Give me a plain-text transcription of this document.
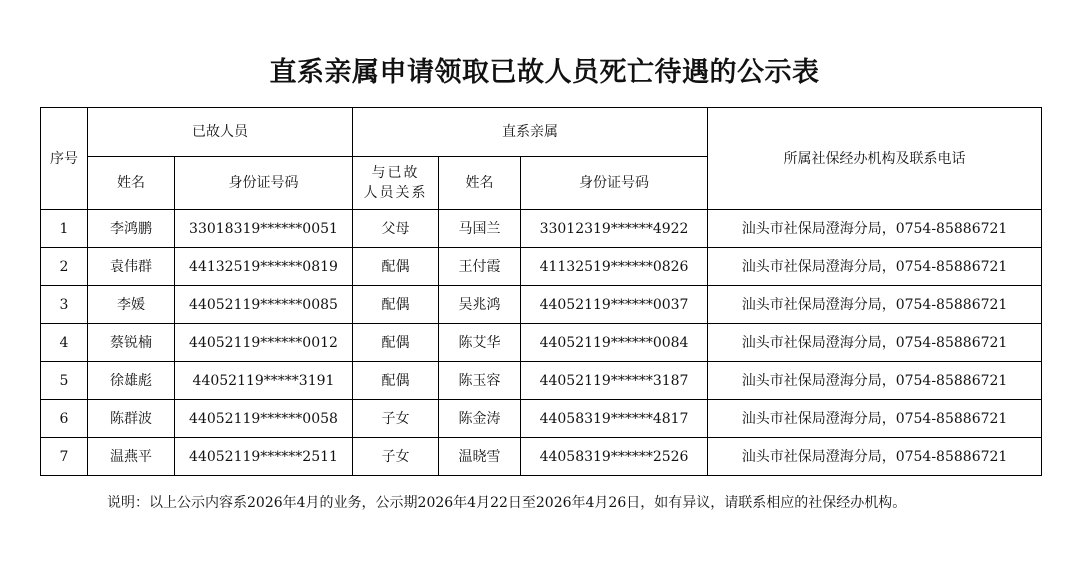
直系亲属申请领取已故人员死亡待遇的公示表
序号	已故人员		直系亲属			所属社保经办机构及联系电话
	姓名	身份证号码	与已故
人员关系	姓名	身份证号码	
1	李鸿鹏	33018319******0051	父母	马国兰	33012319******4922	汕头市社保局澄海分局，0754-85886721
2	袁伟群	44132519******0819	配偶	王付霞	41132519******0826	汕头市社保局澄海分局，0754-85886721
3	李媛	44052119******0085	配偶	吴兆鸿	44052119******0037	汕头市社保局澄海分局，0754-85886721
4	蔡锐楠	44052119******0012	配偶	陈艾华	44052119******0084	汕头市社保局澄海分局，0754-85886721
5	徐雄彪	44052119*****3191	配偶	陈玉容	44052119******3187	汕头市社保局澄海分局，0754-85886721
6	陈群波	44052119******0058	子女	陈金涛	44058319******4817	汕头市社保局澄海分局，0754-85886721
7	温燕平	44052119******2511	子女	温晓雪	44058319******2526	汕头市社保局澄海分局，0754-85886721
说明：以上公示内容系2026年4月的业务，公示期2026年4月22日至2026年4月26日，如有异议，请联系相应的社保经办机构。
